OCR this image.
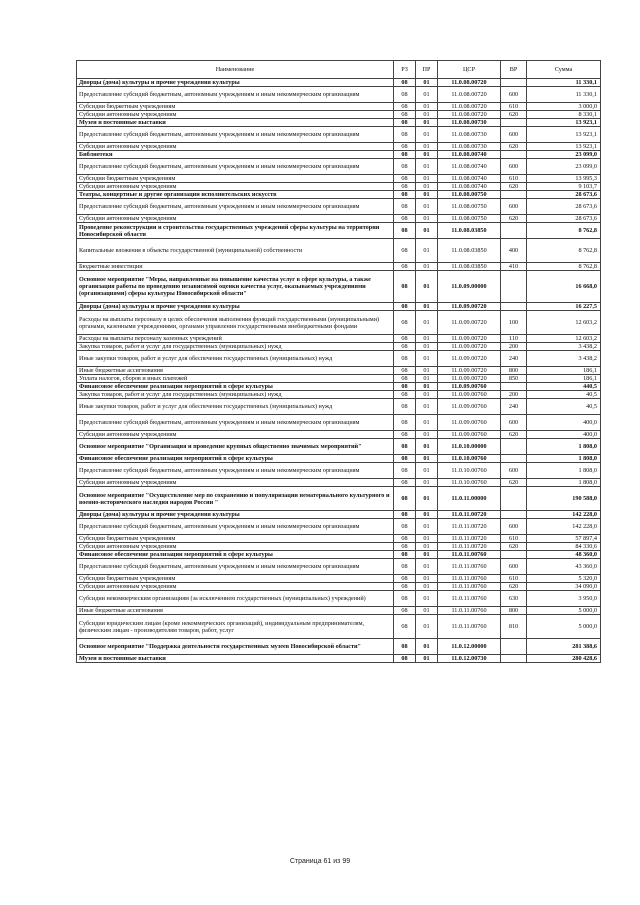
Наименование	РЗ	ПР	ЦСР	ВР	Сумма
Дворцы (дома) культуры и прочие учреждения культуры	08	01	11.0.08.00720		11 330,1
Предоставление субсидий бюджетным, автономным учреждениям и иным некоммерческим организациям	08	01	11.0.08.00720	600	11 330,1
Субсидии бюджетным учреждениям	08	01	11.0.08.00720	610	3 000,0
Субсидии автономным учреждениям	08	01	11.0.08.00720	620	8 330,1
Музеи и постоянные выставки	08	01	11.0.08.00730		13 923,1
Предоставление субсидий бюджетным, автономным учреждениям и иным некоммерческим организациям	08	01	11.0.08.00730	600	13 923,1
Субсидии автономным учреждениям	08	01	11.0.08.00730	620	13 923,1
Библиотеки	08	01	11.0.08.00740		23 099,0
Предоставление субсидий бюджетным, автономным учреждениям и иным некоммерческим организациям	08	01	11.0.08.00740	600	23 099,0
Субсидии бюджетным учреждениям	08	01	11.0.08.00740	610	13 995,3
Субсидии автономным учреждениям	08	01	11.0.08.00740	620	9 103,7
Театры, концертные и другие организации исполнительских искусств	08	01	11.0.08.00750		28 673,6
Предоставление субсидий бюджетным, автономным учреждениям и иным некоммерческим организациям	08	01	11.0.08.00750	600	28 673,6
Субсидии автономным учреждениям	08	01	11.0.08.00750	620	28 673,6
Проведение реконструкции и строительства государственных учреждений сферы культуры на территории Новосибирской области	08	01	11.0.08.03850		8 762,8
Капитальные вложения в объекты государственной (муниципальной) собственности	08	01	11.0.08.03850	400	8 762,8
Бюджетные инвестиции	08	01	11.0.08.03850	410	8 762,8
Основное мероприятие "Меры, направленные на повышение качества услуг в сфере культуры, а также организация работы по проведению независимой оценки качества услуг, оказываемых учреждениями (организациями) сферы культуры Новосибирской области"	08	01	11.0.09.00000		16 668,0
Дворцы (дома) культуры и прочие учреждения культуры	08	01	11.0.09.00720		16 227,5
Расходы на выплаты персоналу в целях обеспечения выполнения функций государственными (муниципальными) органами, казенными учреждениями, органами управления государственными внебюджетными фондами	08	01	11.0.09.00720	100	12 603,2
Расходы на выплаты персоналу казенных учреждений	08	01	11.0.09.00720	110	12 603,2
Закупка товаров, работ и услуг для государственных (муниципальных) нужд	08	01	11.0.09.00720	200	3 438,2
Иные закупки товаров, работ и услуг для обеспечения государственных (муниципальных) нужд	08	01	11.0.09.00720	240	3 438,2
Иные бюджетные ассигнования	08	01	11.0.09.00720	800	186,1
Уплата налогов, сборов и иных платежей	08	01	11.0.09.00720	850	186,1
Финансовое обеспечение реализации мероприятий в сфере культуры	08	01	11.0.09.00760		440,5
Закупка товаров, работ и услуг для государственных (муниципальных) нужд	08	01	11.0.09.00760	200	40,5
Иные закупки товаров, работ и услуг для обеспечения государственных (муниципальных) нужд	08	01	11.0.09.00760	240	40,5
Предоставление субсидий бюджетным, автономным учреждениям и иным некоммерческим организациям	08	01	11.0.09.00760	600	400,0
Субсидии автономным учреждениям	08	01	11.0.09.00760	620	400,0
Основное мероприятие "Организация и проведение крупных общественно значимых мероприятий"	08	01	11.0.10.00000		1 808,0
Финансовое обеспечение реализации мероприятий в сфере культуры	08	01	11.0.10.00760		1 808,0
Предоставление субсидий бюджетным, автономным учреждениям и иным некоммерческим организациям	08	01	11.0.10.00760	600	1 808,0
Субсидии автономным учреждениям	08	01	11.0.10.00760	620	1 808,0
Основное мероприятие "Осуществление мер по сохранению и популяризации нематериального культурного и военно-исторического наследия народов России "	08	01	11.0.11.00000		190 588,0
Дворцы (дома) культуры и прочие учреждения культуры	08	01	11.0.11.00720		142 228,0
Предоставление субсидий бюджетным, автономным учреждениям и иным некоммерческим организациям	08	01	11.0.11.00720	600	142 228,0
Субсидии бюджетным учреждениям	08	01	11.0.11.00720	610	57 897,4
Субсидии автономным учреждениям	08	01	11.0.11.00720	620	84 330,6
Финансовое обеспечение реализации мероприятий в сфере культуры	08	01	11.0.11.00760		48 360,0
Предоставление субсидий бюджетным, автономным учреждениям и иным некоммерческим организациям	08	01	11.0.11.00760	600	43 360,0
Субсидии бюджетным учреждениям	08	01	11.0.11.00760	610	5 320,0
Субсидии автономным учреждениям	08	01	11.0.11.00760	620	34 090,0
Субсидии некоммерческим организациям (за исключением государственных (муниципальных) учреждений)	08	01	11.0.11.00760	630	3 950,0
Иные бюджетные ассигнования	08	01	11.0.11.00760	800	5 000,0
Субсидии юридическим лицам (кроме некоммерческих организаций), индивидуальным предпринимателям, физическим лицам - производителям товаров, работ, услуг	08	01	11.0.11.00760	810	5 000,0
Основное мероприятие "Поддержка деятельности государственных музеев Новосибирской области"	08	01	11.0.12.00000		281 388,6
Музеи и постоянные выставки	08	01	11.0.12.00730		280 428,6
Страница 61 из 99
